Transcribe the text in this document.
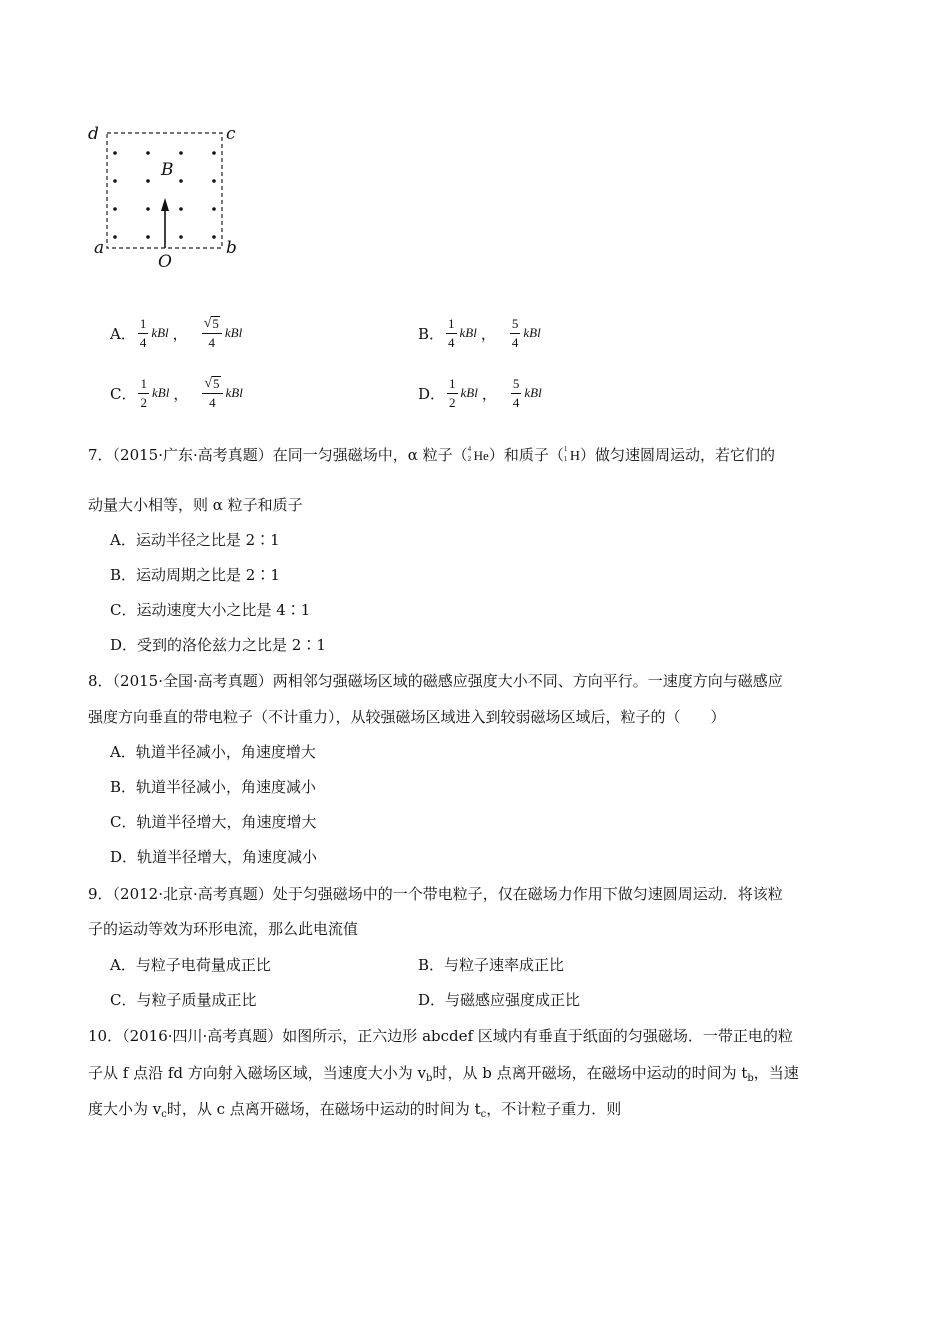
d	c
a	b
B
O
A． $\frac{1}{4}$ kBl ， $\frac{√ 5}{4}$ kBl	B． $\frac{1}{4}$ kBl ， $\frac{5}{4}$ kBl
C． $\frac{1}{2}$ kBl ， $\frac{√ 5}{4}$ kBl	D． $\frac{1}{2}$ kBl ， $\frac{5}{4}$ kBl
7．（2015·广东·高考真题）在同一匀强磁场中，α 粒子（ 4
2 He）和质子（ 1
1 H）做匀速圆周运动，若它们的
动量大小相等，则 α 粒子和质子
A．运动半径之比是 2∶1
B．运动周期之比是 2∶1
C．运动速度大小之比是 4∶1
D．受到的洛伦兹力之比是 2∶1
8．（2015·全国·高考真题）两相邻匀强磁场区域的磁感应强度大小不同、方向平行。一速度方向与磁感应
强度方向垂直的带电粒子（不计重力），从较强磁场区域进入到较弱磁场区域后，粒子的（　　）
A．轨道半径减小，角速度增大
B．轨道半径减小，角速度减小
C．轨道半径增大，角速度增大
D．轨道半径增大，角速度减小
9．（2012·北京·高考真题）处于匀强磁场中的一个带电粒子，仅在磁场力作用下做匀速圆周运动．将该粒
子的运动等效为环形电流，那么此电流值
A．与粒子电荷量成正比	B．与粒子速率成正比
C．与粒子质量成正比	D．与磁感应强度成正比
10．（2016·四川·高考真题）如图所示，正六边形 abcdef 区域内有垂直于纸面的匀强磁场．一带正电的粒
子从 f 点沿 fd 方向射入磁场区域，当速度大小为 $v_b$时，从 b 点离开磁场，在磁场中运动的时间为 $t_b$，当速
度大小为 $v_c$时，从 c 点离开磁场，在磁场中运动的时间为 $t_c$，不计粒子重力．则
